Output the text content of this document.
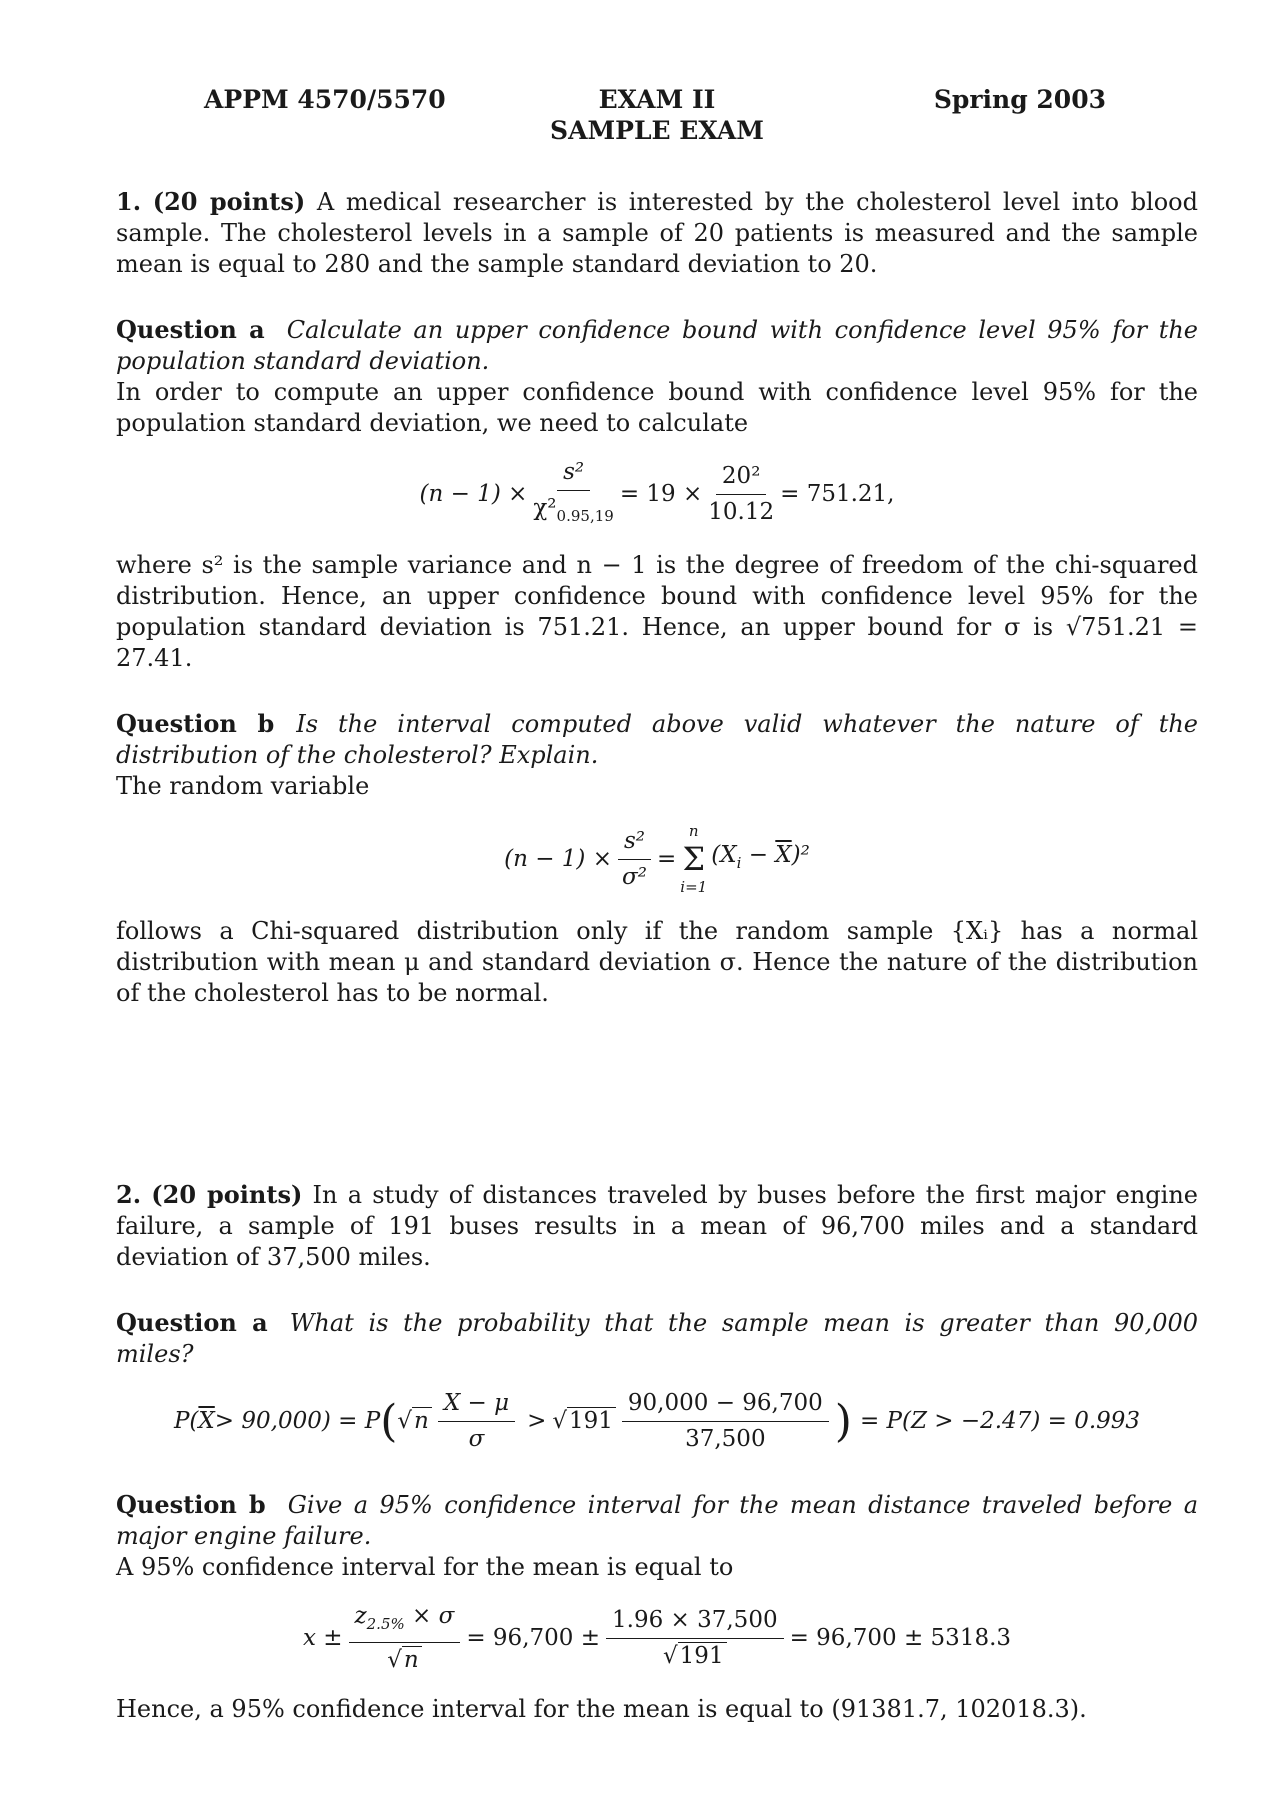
APPM 4570/5570	EXAM II
SAMPLE EXAM
Spring 2003

1. (20 points) A medical researcher is interested by the cholesterol level into blood sample. The cholesterol levels in a sample of 20 patients is measured and the sample mean is equal to 280 and the sample standard deviation to 20.

Question a Calculate an upper confidence bound with confidence level 95% for the population standard deviation.

In order to compute an upper confidence bound with confidence level 95% for the population standard deviation, we need to calculate

$(n - 1) \times \frac{\text{s²}}{\chi^2_{0.95,19}} = 19 \times \frac{\text{20²}}{10.12} = 751.21$,

where s² is the sample variance and n − 1 is the degree of freedom of the chi-squared distribution. Hence, an upper confidence bound with confidence level 95% for the population standard deviation is 751.21. Hence, an upper bound for σ is √751.21 = 27.41.

Question b Is the interval computed above valid whatever the nature of the distribution of the cholesterol? Explain.

The random variable

$(n - 1) \times \frac{\text{s²}}{\text{σ²}}$ =
n
Σ
i=1
$(X_i - \overline{X})^2$

follows a Chi-squared distribution only if the random sample {Xᵢ} has a normal distribution with mean μ and standard deviation σ. Hence the nature of the distribution of the cholesterol has to be normal.

2. (20 points) In a study of distances traveled by buses before the first major engine failure, a sample of 191 buses results in a mean of 96,700 miles and a standard deviation of 37,500 miles.

Question a What is the probability that the sample mean is greater than 90,000 miles?

P( $\overline{X} > 90,000) = P$ ( $√n \frac{X - \mu}{\sigma} > √191 \frac{90,000 - 96,700}{37,500}$ ) = P(Z > −2.47) = 0.993

Question b Give a 95% confidence interval for the mean distance traveled before a major engine failure.

A 95% confidence interval for the mean is equal to

$x \pm \frac{z_{2.5\%} \times \sigma}{√n} = 96,700 \pm \frac{1.96 \times 37,500}{√191} = 96,700 \pm 5318.3$

Hence, a 95% confidence interval for the mean is equal to (91381.7, 102018.3).
